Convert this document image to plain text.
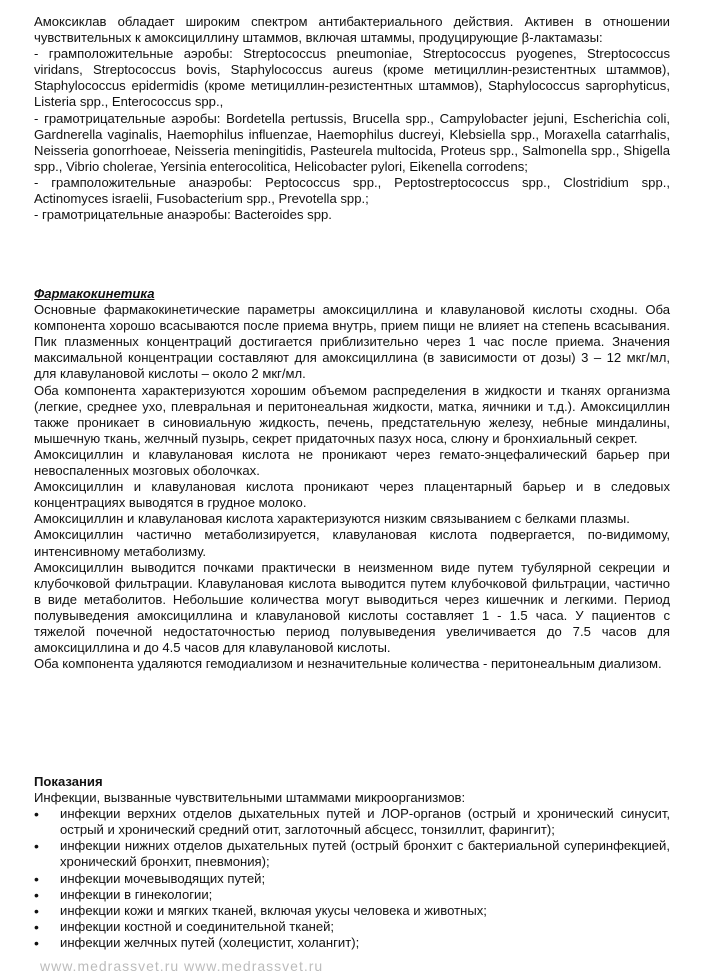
Амоксиклав обладает широким спектром антибактериального действия. Активен в отношении чувствительных к амоксициллину штаммов, включая штаммы, продуцирующие β-лактамазы:

- грамположительные аэробы: Streptococcus pneumoniae, Streptococcus pyogenes, Streptococcus viridans, Streptococcus bovis, Staphylococcus aureus (кроме метициллин-резистентных штаммов), Staphylococcus epidermidis (кроме метициллин-резистентных штаммов), Staphylococcus saprophyticus, Listeria spp., Enterococcus spp.,

- грамотрицательные аэробы: Bordetella pertussis, Brucella spp., Campylobacter jejuni, Escherichia coli, Gardnerella vaginalis, Haemophilus influenzae, Haemophilus ducreyi, Klebsiella spp., Moraxella catarrhalis, Neisseria gonorrhoeae, Neisseria meningitidis, Pasteurela multocida, Proteus spp., Salmonella spp., Shigella spp., Vibrio cholerae, Yersinia enterocolitica, Helicobacter pylori, Eikenella corrodens;

- грамположительные анаэробы: Peptococcus spp., Peptostreptococcus spp., Clostridium spp., Actinomyces israelii, Fusobacterium spp., Prevotella spp.;

- грамотрицательные анаэробы: Bacteroides spp.

Фармакокинетика

Основные фармакокинетические параметры амоксициллина и клавулановой кислоты сходны. Оба компонента хорошо всасываются после приема внутрь, прием пищи не влияет на степень всасывания. Пик плазменных концентраций достигается приблизительно через 1 час после приема. Значения максимальной концентрации составляют для амоксициллина (в зависимости от дозы) 3 – 12 мкг/мл, для клавулановой кислоты – около 2 мкг/мл.

Оба компонента характеризуются хорошим объемом распределения в жидкости и тканях организма (легкие, среднее ухо, плевральная и перитонеальная жидкости, матка, яичники и т.д.). Амоксициллин также проникает в синовиальную жидкость, печень, предстательную железу, небные миндалины, мышечную ткань, желчный пузырь, секрет придаточных пазух носа, слюну и бронхиальный секрет.

Амоксициллин и клавулановая кислота не проникают через гемато-энцефалический барьер при невоспаленных мозговых оболочках.

Амоксициллин и клавулановая кислота проникают через плацентарный барьер и в следовых концентрациях выводятся в грудное молоко.

Амоксициллин и клавулановая кислота характеризуются низким связыванием с белками плазмы.

Амоксициллин частично метаболизируется, клавулановая кислота подвергается, по-видимому, интенсивному метаболизму.

Амоксициллин выводится почками практически в неизменном виде путем тубулярной секреции и клубочковой фильтрации. Клавулановая кислота выводится путем клубочковой фильтрации, частично в виде метаболитов. Небольшие количества могут выводиться через кишечник и легкими. Период полувыведения амоксициллина и клавулановой кислоты составляет 1 - 1.5 часа. У пациентов с тяжелой почечной недостаточностью период полувыведения увеличивается до 7.5 часов для амоксициллина и до 4.5 часов для клавулановой кислоты.

Оба компонента удаляются гемодиализом и незначительные количества - перитонеальным диализом.

Показания

Инфекции, вызванные чувствительными штаммами микроорганизмов:

• инфекции верхних отделов дыхательных путей и ЛОР-органов (острый и хронический синусит, острый и хронический средний отит, заглоточный абсцесс, тонзиллит, фарингит);
• инфекции нижних отделов дыхательных путей (острый бронхит с бактериальной суперинфекцией, хронический бронхит, пневмония);
• инфекции мочевыводящих путей;
• инфекции в гинекологии;
• инфекции кожи и мягких тканей, включая укусы человека и животных;
• инфекции костной и соединительной тканей;
• инфекции желчных путей (холецистит, холангит);
www.medrassvet.ru www.medrassvet.ru
